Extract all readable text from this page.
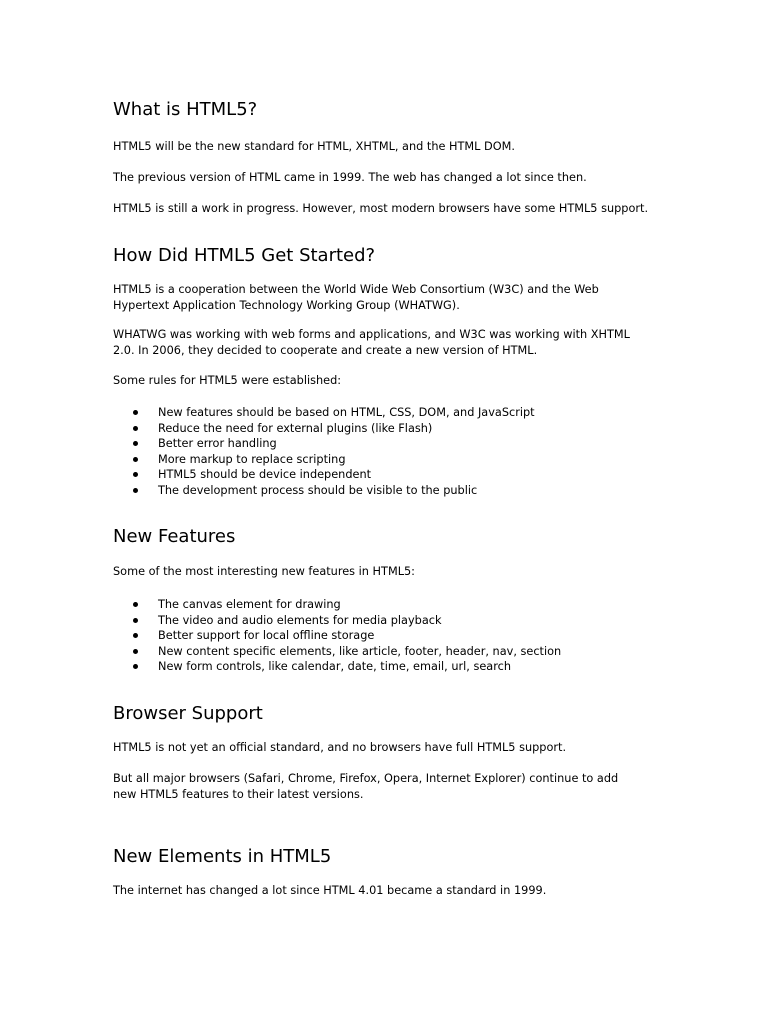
What is HTML5?

HTML5 will be the new standard for HTML, XHTML, and the HTML DOM.

The previous version of HTML came in 1999. The web has changed a lot since then.

HTML5 is still a work in progress. However, most modern browsers have some HTML5 support.

How Did HTML5 Get Started?

HTML5 is a cooperation between the World Wide Web Consortium (W3C) and the Web
Hypertext Application Technology Working Group (WHATWG).

WHATWG was working with web forms and applications, and W3C was working with XHTML
2.0. In 2006, they decided to cooperate and create a new version of HTML.

Some rules for HTML5 were established:

New features should be based on HTML, CSS, DOM, and JavaScript
Reduce the need for external plugins (like Flash)
Better error handling
More markup to replace scripting
HTML5 should be device independent
The development process should be visible to the public
New Features

Some of the most interesting new features in HTML5:

The canvas element for drawing
The video and audio elements for media playback
Better support for local offline storage
New content specific elements, like article, footer, header, nav, section
New form controls, like calendar, date, time, email, url, search
Browser Support

HTML5 is not yet an official standard, and no browsers have full HTML5 support.

But all major browsers (Safari, Chrome, Firefox, Opera, Internet Explorer) continue to add
new HTML5 features to their latest versions.

New Elements in HTML5

The internet has changed a lot since HTML 4.01 became a standard in 1999.
